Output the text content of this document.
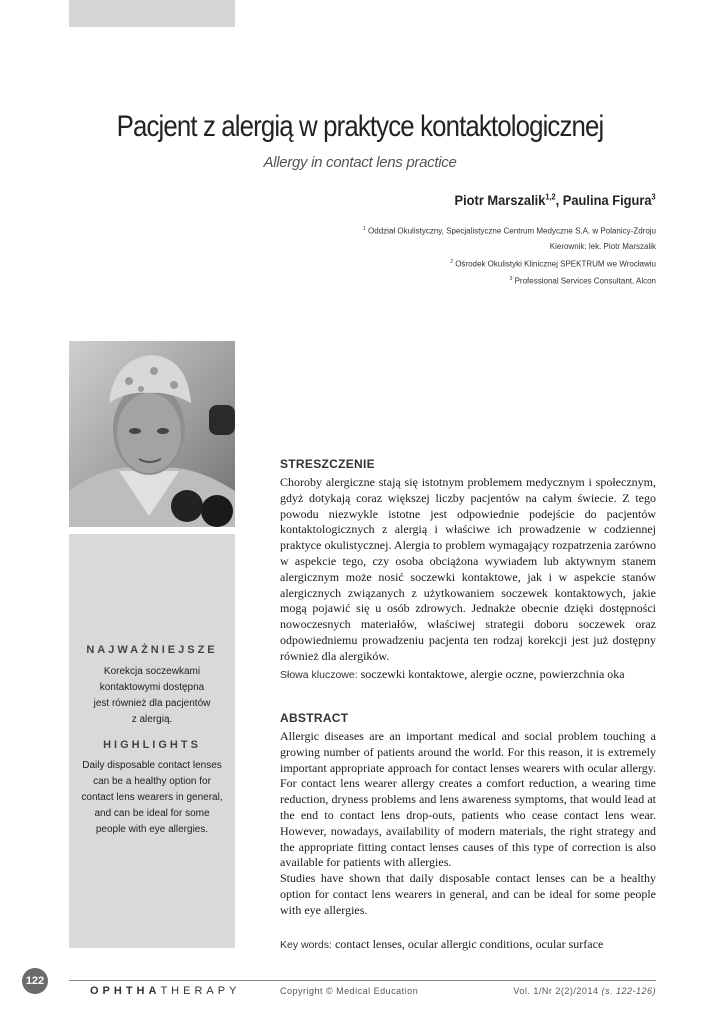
Pacjent z alergią w praktyce kontaktologicznej
Allergy in contact lens practice
Piotr Marszalik$^{1,2}$, Paulina Figura$^3$
$^1$ Oddział Okulistyczny, Specjalistyczne Centrum Medyczne S.A. w Polanicy-Zdroju
Kierownik: lek. Piotr Marszalik
$^2$ Ośrodek Okulistyki Klinicznej SPEKTRUM we Wrocławiu
$^3$ Professional Services Consultant, Alcon
NAJWAŻNIEJSZE
Korekcja soczewkami kontaktowymi dostępna jest również dla pacjentów z alergią.
HIGHLIGHTS
Daily disposable contact lenses can be a healthy option for contact lens wearers in general, and can be ideal for some people with eye allergies.
STRESZCZENIE

Choroby alergiczne stają się istotnym problemem medycznym i społecznym, gdyż dotykają coraz większej liczby pacjentów na całym świecie. Z tego powodu niezwykle istotne jest odpowiednie podejście do pacjentów kontaktologicznych z alergią i właściwe ich prowadzenie w codziennej praktyce okulistycznej. Alergia to problem wymagający rozpatrzenia zarówno w aspekcie tego, czy osoba obciążona wywiadem lub aktywnym stanem alergicznym może nosić soczewki kontaktowe, jak i w aspekcie stanów alergicznych związanych z użytkowaniem soczewek kontaktowych, jakie mogą pojawić się u osób zdrowych. Jednakże obecnie dzięki dostępności nowoczesnych materiałów, właściwej strategii doboru soczewek oraz odpowiedniemu prowadzeniu pacjenta ten rodzaj korekcji jest już dostępny również dla alergików.

Słowa kluczowe: soczewki kontaktowe, alergie oczne, powierzchnia oka
ABSTRACT

Allergic diseases are an important medical and social problem touching a growing number of patients around the world. For this reason, it is extremely important appropriate approach for contact lenses wearers with ocular allergy. For contact lens wearer allergy creates a comfort reduction, a wearing time reduction, dryness problems and lens awareness symptoms, that would lead at the end to contact lens drop-outs, patients who cease contact lens wear. However, nowadays, availability of modern materials, the right strategy and the appropriate fitting contact lenses causes of this type of correction is also available for patients with allergies.

Studies have shown that daily disposable contact lenses can be a healthy option for contact lens wearers in general, and can be ideal for some people with eye allergies.

Key words: contact lenses, ocular allergic conditions, ocular surface
122
OPHTHATHERAPY	Copyright © Medical Education	Vol. 1/Nr 2(2)/2014 (s. 122-126)
